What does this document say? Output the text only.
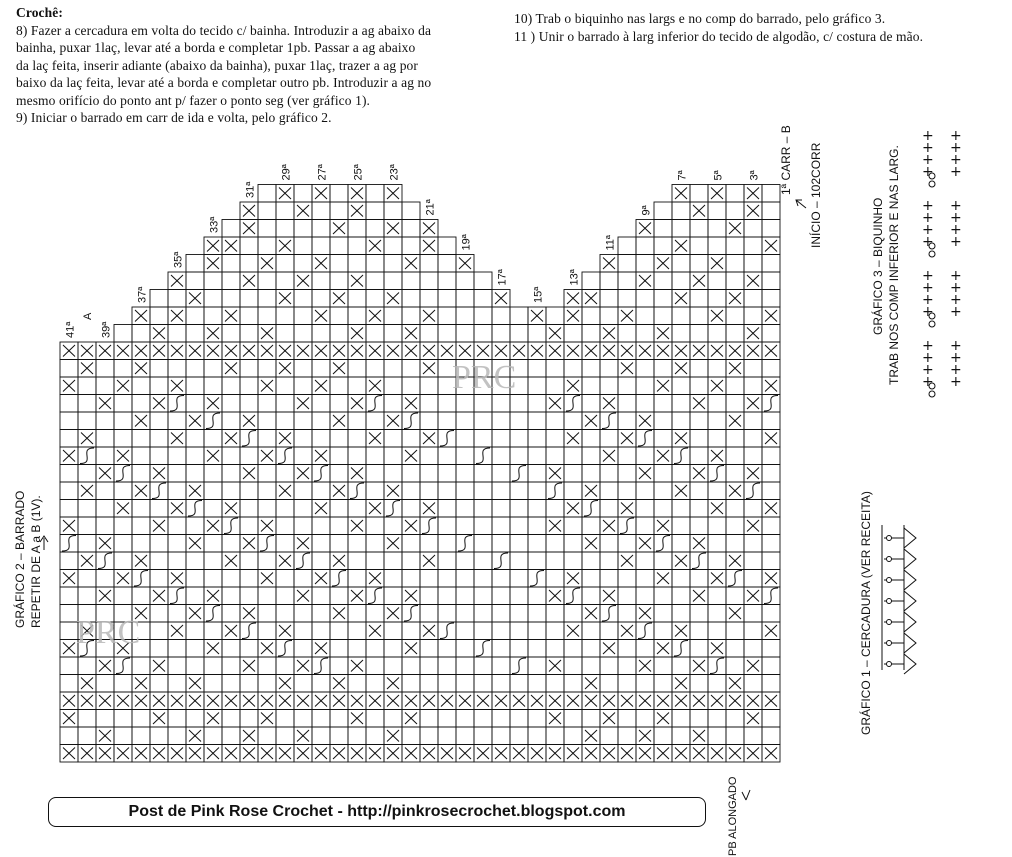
Crochê:
8) Fazer a cercadura em volta do tecido c/ bainha. Introduzir a ag abaixo da
bainha, puxar 1laç, levar até a borda e completar 1pb. Passar a ag abaixo
da laç feita, inserir adiante (abaixo da bainha), puxar 1laç, trazer a ag por
baixo da laç feita, levar até a borda e completar outro pb. Introduzir a ag no
mesmo orifício do ponto ant p/ fazer o ponto seg (ver gráfico 1).
9) Iniciar o barrado em carr de ida e volta, pelo gráfico 2.
10) Trab o biquinho nas largs e no comp do barrado, pelo gráfico 3.
11 ) Unir o barrado à larg inferior do tecido de algodão, c/ costura de mão.
41ª 39ª
37ª
35ª
33ª
31ª
29ª 27ª 25ª 23ª
21ª
19ª
17ª
15ª
13ª
11ª
9ª
7ª 5ª 3ª
PRC
PRC
GRÁFICO 2 – BARRADO REPETIR DE A a B (1V).
1ª CARR – B INÍCIO – 102CORR
A
PB ALONGADO
GRÁFICO 3 – BIQUINHO TRAB NOS COMP INFERIOR E NAS LARG.
+ +
+ +
+ +
+ +
+ +
+ +
+ +
+ +
+ +
+ +
+ +
+ +
+ +
+ +
+ +
+ +
GRÁFICO 1 – CERCADURA (VER RECEITA)
Post de Pink Rose Crochet - http://pinkrosecrochet.blogspot.com
